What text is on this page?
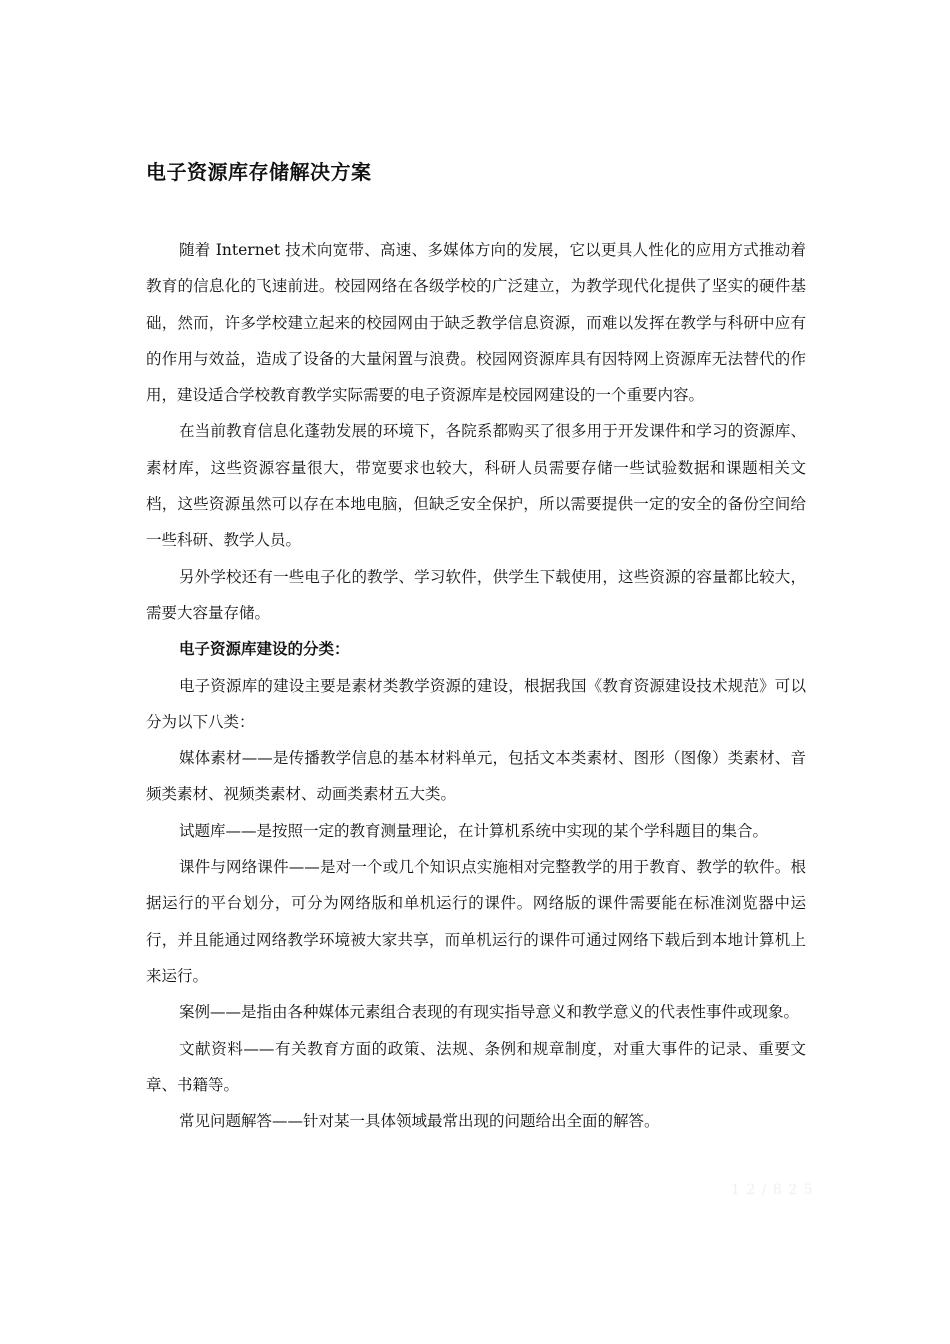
电子资源库存储解决方案

随着 Internet 技术向宽带、高速、多媒体方向的发展，它以更具人性化的应用方式推动着教育的信息化的飞速前进。校园网络在各级学校的广泛建立，为教学现代化提供了坚实的硬件基础，然而，许多学校建立起来的校园网由于缺乏教学信息资源，而难以发挥在教学与科研中应有的作用与效益，造成了设备的大量闲置与浪费。校园网资源库具有因特网上资源库无法替代的作用，建设适合学校教育教学实际需要的电子资源库是校园网建设的一个重要内容。

在当前教育信息化蓬勃发展的环境下，各院系都购买了很多用于开发课件和学习的资源库、素材库，这些资源容量很大，带宽要求也较大，科研人员需要存储一些试验数据和课题相关文档，这些资源虽然可以存在本地电脑，但缺乏安全保护，所以需要提供一定的安全的备份空间给一些科研、教学人员。

另外学校还有一些电子化的教学、学习软件，供学生下载使用，这些资源的容量都比较大，需要大容量存储。

电子资源库建设的分类：

电子资源库的建设主要是素材类教学资源的建设，根据我国《教育资源建设技术规范》可以分为以下八类：

媒体素材——是传播教学信息的基本材料单元，包括文本类素材、图形（图像）类素材、音频类素材、视频类素材、动画类素材五大类。

试题库——是按照一定的教育测量理论，在计算机系统中实现的某个学科题目的集合。

课件与网络课件——是对一个或几个知识点实施相对完整教学的用于教育、教学的软件。根据运行的平台划分，可分为网络版和单机运行的课件。网络版的课件需要能在标准浏览器中运行，并且能通过网络教学环境被大家共享，而单机运行的课件可通过网络下载后到本地计算机上来运行。

案例——是指由各种媒体元素组合表现的有现实指导意义和教学意义的代表性事件或现象。

文献资料——有关教育方面的政策、法规、条例和规章制度，对重大事件的记录、重要文章、书籍等。

常见问题解答——针对某一具体领域最常出现的问题给出全面的解答。

1 2 / 8 2 5
